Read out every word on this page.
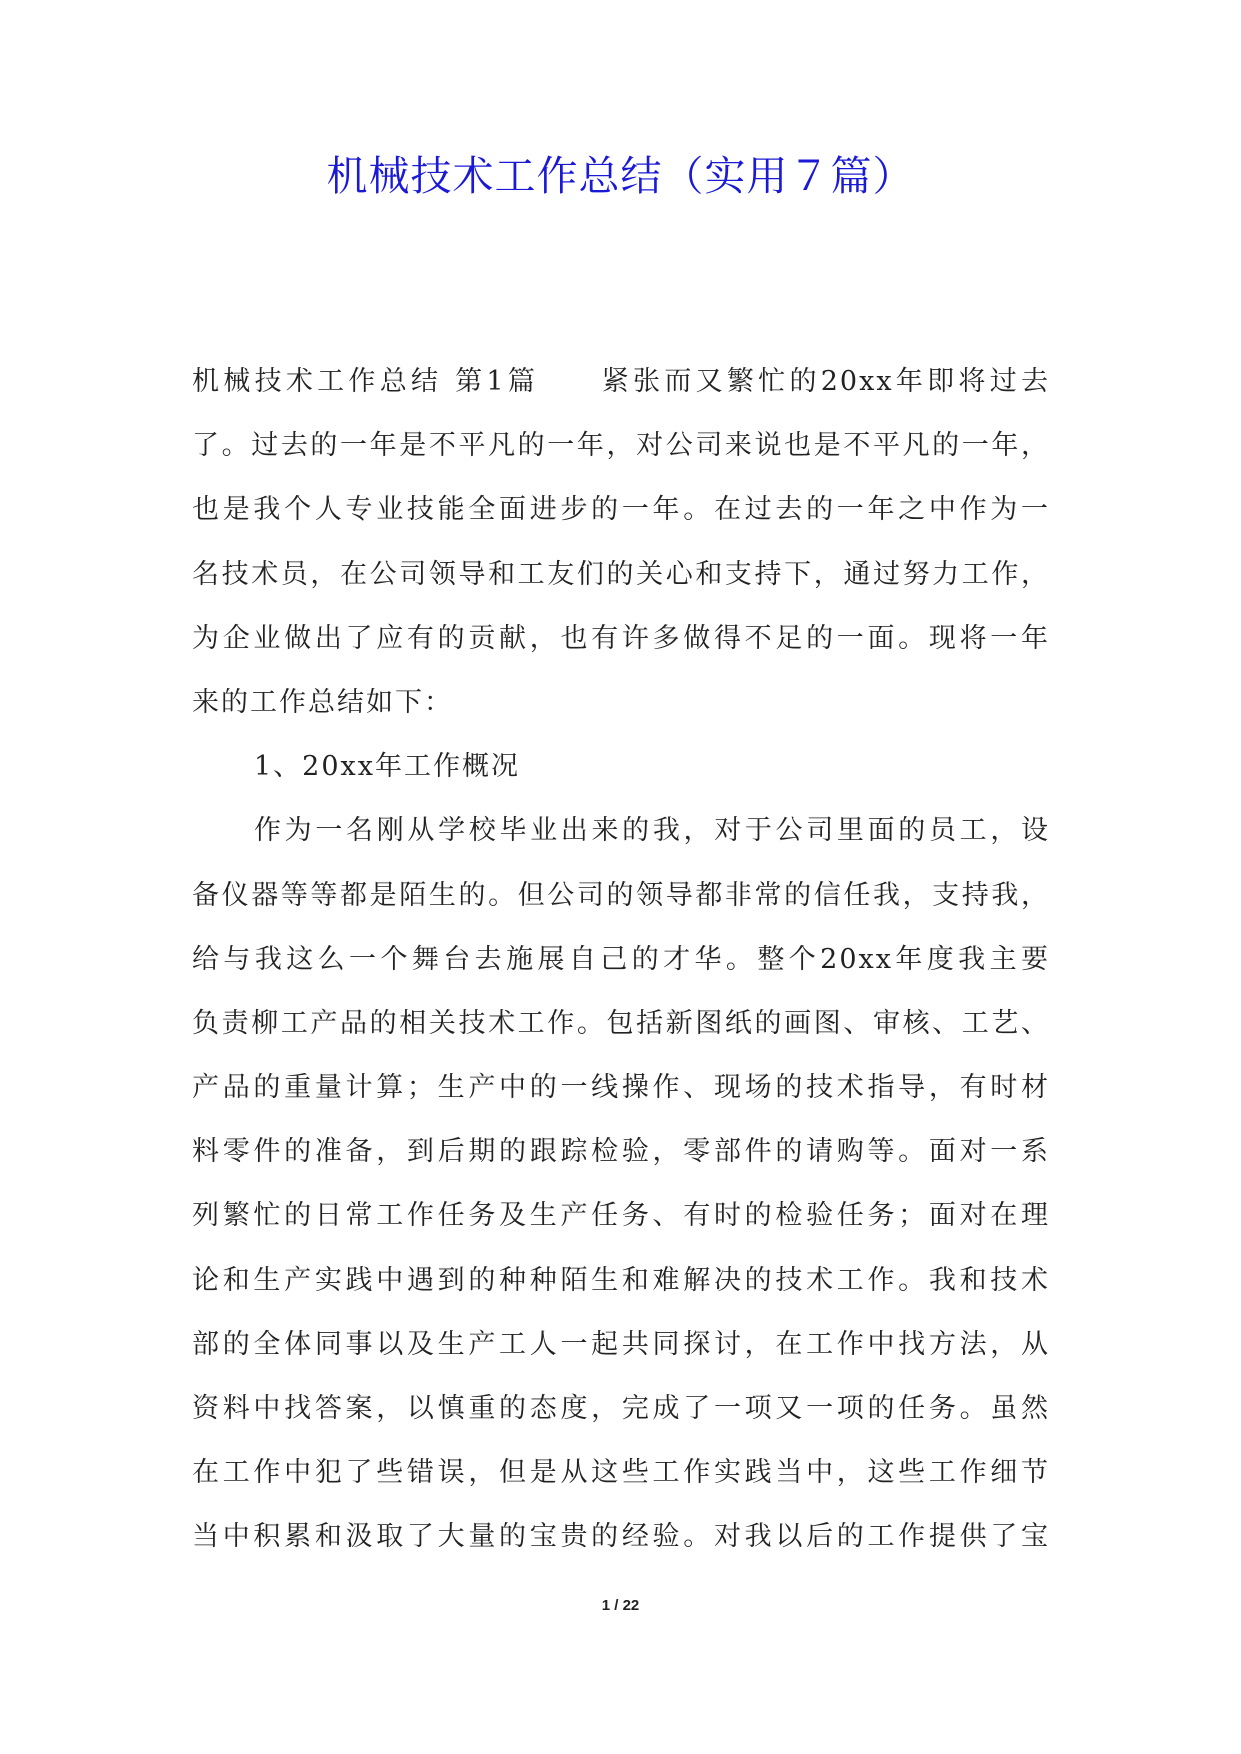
机械技术工作总结（实用７篇）
机械技术工作总结 第1篇　　紧张而又繁忙的20xx年即将过去
了。过去的一年是不平凡的一年，对公司来说也是不平凡的一年，
也是我个人专业技能全面进步的一年。在过去的一年之中作为一
名技术员，在公司领导和工友们的关心和支持下，通过努力工作，
为企业做出了应有的贡献，也有许多做得不足的一面。现将一年
来的工作总结如下：
1、20xx年工作概况
作为一名刚从学校毕业出来的我，对于公司里面的员工，设
备仪器等等都是陌生的。但公司的领导都非常的信任我，支持我，
给与我这么一个舞台去施展自己的才华。整个20xx年度我主要
负责柳工产品的相关技术工作。包括新图纸的画图、审核、工艺、
产品的重量计算；生产中的一线操作、现场的技术指导，有时材
料零件的准备，到后期的跟踪检验，零部件的请购等。面对一系
列繁忙的日常工作任务及生产任务、有时的检验任务；面对在理
论和生产实践中遇到的种种陌生和难解决的技术工作。我和技术
部的全体同事以及生产工人一起共同探讨，在工作中找方法，从
资料中找答案，以慎重的态度，完成了一项又一项的任务。虽然
在工作中犯了些错误，但是从这些工作实践当中，这些工作细节
当中积累和汲取了大量的宝贵的经验。对我以后的工作提供了宝
1 / 22
